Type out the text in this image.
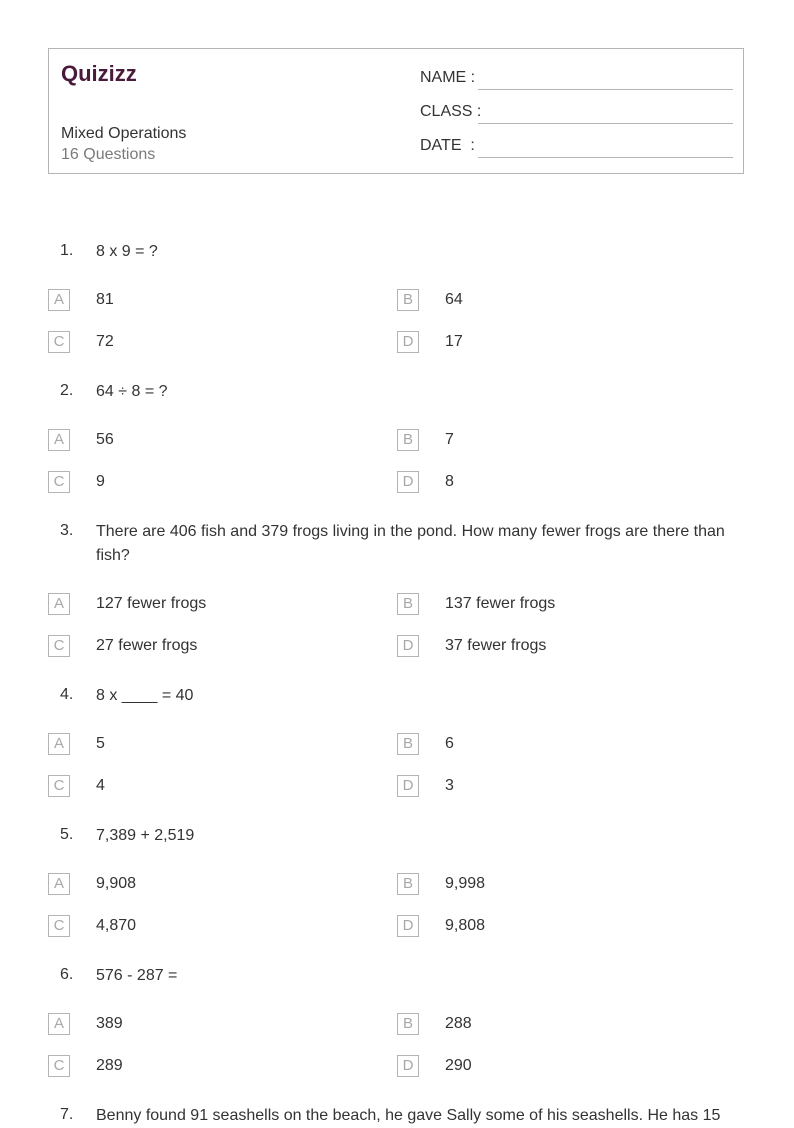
Quizizz
Mixed Operations
16 Questions
NAME :
CLASS :
DATE  :
1. 8 x 9 = ?
A	81	B	64
C	72	D	17
2. 64 ÷ 8 = ?
A	56	B	7
C	9	D	8
3. There are 406 fish and 379 frogs living in the pond. How many fewer frogs are there than fish?
A	127 fewer frogs	B	137 fewer frogs
C	27 fewer frogs	D	37 fewer frogs
4. 8 x ____ = 40
A	5	B	6
C	4	D	3
5. 7,389 + 2,519
A	9,908	B	9,998
C	4,870	D	9,808
6. 576 - 287 =
A	389	B	288
C	289	D	290
7. Benny found 91 seashells on the beach, he gave Sally some of his seashells. He has 15
